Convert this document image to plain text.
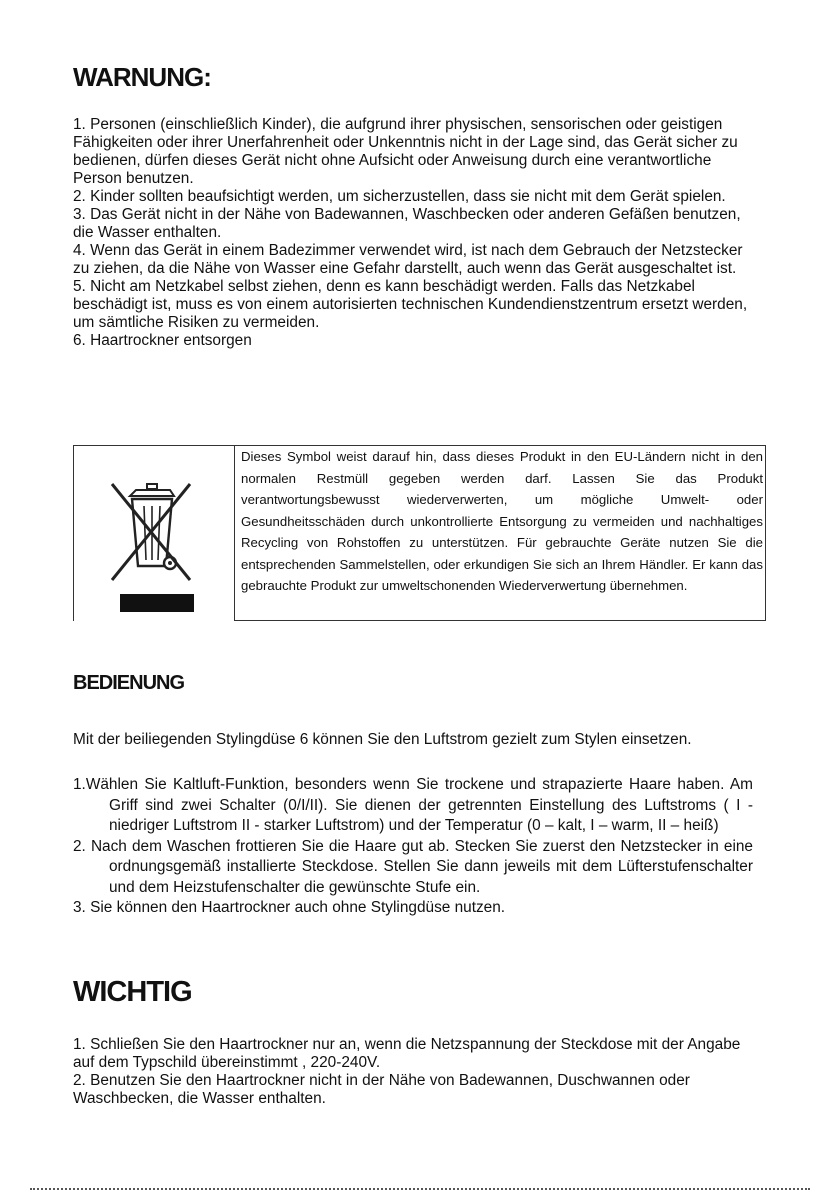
WARNUNG:

1. Personen (einschließlich Kinder), die aufgrund ihrer physischen, sensorischen oder geistigen Fähigkeiten oder ihrer Unerfahrenheit oder Unkenntnis nicht in der Lage sind, das Gerät sicher zu bedienen, dürfen dieses Gerät nicht ohne Aufsicht oder Anweisung durch eine verantwortliche Person benutzen.

2. Kinder sollten beaufsichtigt werden, um sicherzustellen, dass sie nicht mit dem Gerät spielen.

3. Das Gerät nicht in der Nähe von Badewannen, Waschbecken oder anderen Gefäßen benutzen, die Wasser enthalten.

4. Wenn das Gerät in einem Badezimmer verwendet wird, ist nach dem Gebrauch der Netzstecker zu ziehen, da die Nähe von Wasser eine Gefahr darstellt, auch wenn das Gerät ausgeschaltet ist.

5. Nicht am Netzkabel selbst ziehen, denn es kann beschädigt werden. Falls das Netzkabel beschädigt ist, muss es von einem autorisierten technischen Kundendienstzentrum ersetzt werden, um sämtliche Risiken zu vermeiden.

6. Haartrockner entsorgen

	Dieses Symbol weist darauf hin, dass dieses Produkt in den EU-Ländern nicht in den normalen Restmüll gegeben werden darf. Lassen Sie das Produkt verantwortungsbewusst wiederverwerten, um mögliche Umwelt- oder Gesundheitsschäden durch unkontrollierte Entsorgung zu vermeiden und nachhaltiges Recycling von Rohstoffen zu unterstützen. Für gebrauchte Geräte nutzen Sie die entsprechenden Sammelstellen, oder erkundigen Sie sich an Ihrem Händler. Er kann das gebrauchte Produkt zur umweltschonenden Wiederverwertung übernehmen.
BEDIENUNG

Mit der beiliegenden Stylingdüse 6 können Sie den Luftstrom gezielt zum Stylen einsetzen.

1.Wählen Sie Kaltluft-Funktion, besonders wenn Sie trockene und strapazierte Haare haben. Am Griff sind zwei Schalter (0/I/II). Sie dienen der getrennten Einstellung des Luftstroms ( I - niedriger Luftstrom II - starker Luftstrom) und der Temperatur (0 – kalt, I – warm, II – heiß)

2. Nach dem Waschen frottieren Sie die Haare gut ab. Stecken Sie zuerst den Netzstecker in eine ordnungsgemäß installierte Steckdose. Stellen Sie dann jeweils mit dem Lüfterstufenschalter und dem Heizstufenschalter die gewünschte Stufe ein.

3. Sie können den Haartrockner auch ohne Stylingdüse nutzen.

WICHTIG

1. Schließen Sie den Haartrockner nur an, wenn die Netzspannung der Steckdose mit der Angabe auf dem Typschild übereinstimmt , 220-240V.

2. Benutzen Sie den Haartrockner nicht in der Nähe von Badewannen, Duschwannen oder Waschbecken, die Wasser enthalten.
